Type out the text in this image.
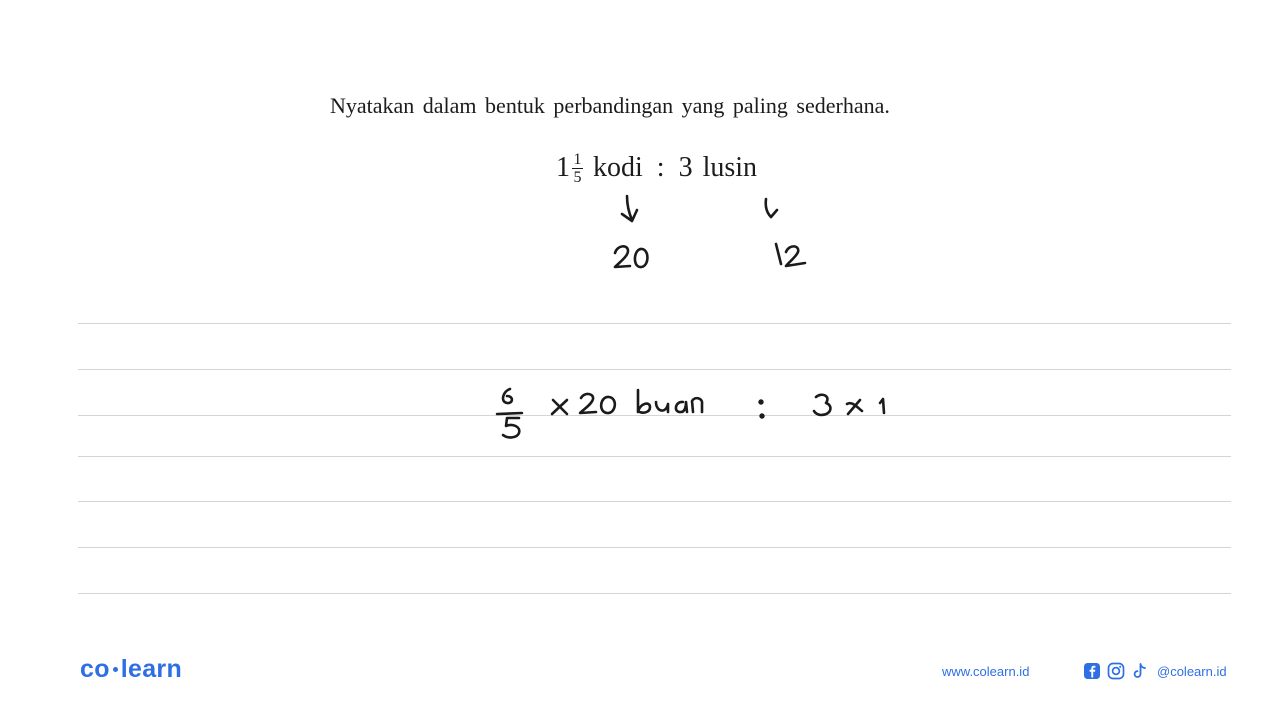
Nyatakan dalam bentuk perbandingan yang paling sederhana.
$1 \frac{1}{5}$ kodi : 3 lusin
co learn	www.colearn.id	@colearn.id
